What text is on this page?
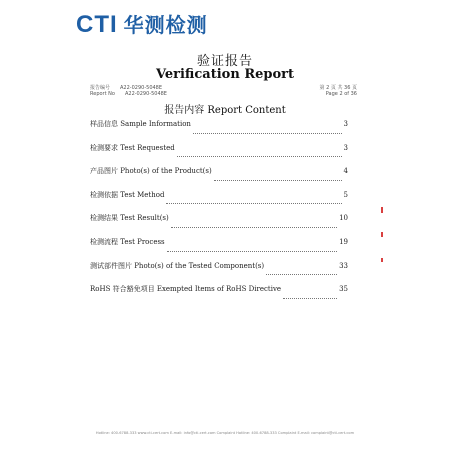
CTI 华测检测
验证报告
Verification Report
报告编号 A22-0290-5048E
Report No A22-0290-5048E
第 2 页 共 36 页
Page 2 of 36
报告内容 Report Content
样品信息 Sample Information	3
检测要求 Test Requested	3
产品图片 Photo(s) of the Product(s)	4
检测依据 Test Method	5
检测结果 Test Result(s)	10
检测流程 Test Process	19
测试部件图片 Photo(s) of the Tested Component(s)	33
RoHS 符合豁免项目 Exempted Items of RoHS Directive	35
Hotline: 400-6788-333 www.cti-cert.com E-mail: info@cti-cert.com Complaint Hotline: 400-6788-333 Complaint E-mail: complaint@cti-cert.com
